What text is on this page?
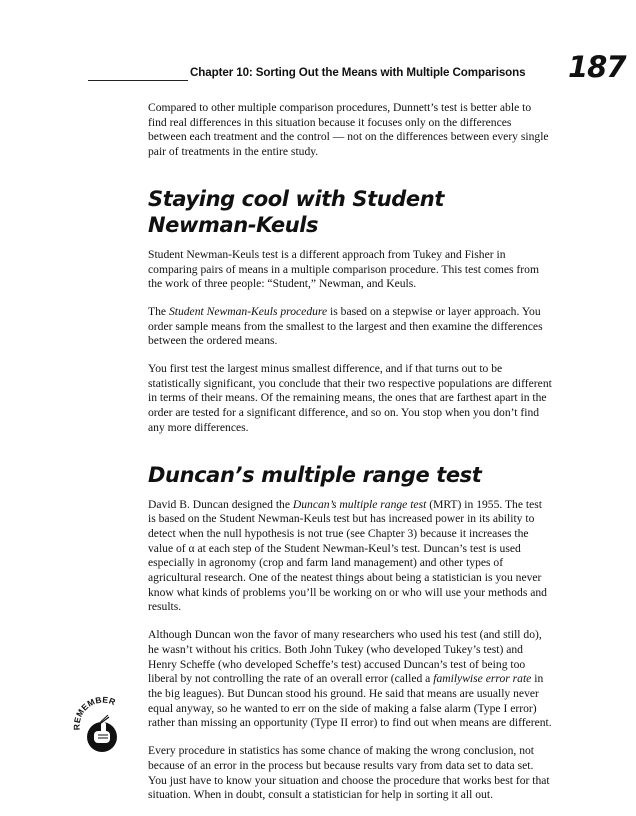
Chapter 10: Sorting Out the Means with Multiple Comparisons 187

Compared to other multiple comparison procedures, Dunnett’s test is better able to find real differences in this situation because it focuses only on the differences between each treatment and the control — not on the differences between every single pair of treatments in the entire study.

Staying cool with Student Newman-Keuls

Student Newman-Keuls test is a different approach from Tukey and Fisher in comparing pairs of means in a multiple comparison procedure. This test comes from the work of three people: “Student,” Newman, and Keuls.

The Student Newman-Keuls procedure is based on a stepwise or layer approach. You order sample means from the smallest to the largest and then examine the differences between the ordered means.

You first test the largest minus smallest difference, and if that turns out to be statistically significant, you conclude that their two respective populations are different in terms of their means. Of the remaining means, the ones that are farthest apart in the order are tested for a significant difference, and so on. You stop when you don’t find any more differences.

Duncan’s multiple range test

David B. Duncan designed the Duncan’s multiple range test (MRT) in 1955. The test is based on the Student Newman-Keuls test but has increased power in its ability to detect when the null hypothesis is not true (see Chapter 3) because it increases the value of α at each step of the Student Newman-Keul’s test. Duncan’s test is used especially in agronomy (crop and farm land management) and other types of agricultural research. One of the neatest things about being a statistician is you never know what kinds of problems you’ll be working on or who will use your methods and results.

Although Duncan won the favor of many researchers who used his test (and still do), he wasn’t without his critics. Both John Tukey (who developed Tukey’s test) and Henry Scheffe (who developed Scheffe’s test) accused Duncan’s test of being too liberal by not controlling the rate of an overall error (called a familywise error rate in the big leagues). But Duncan stood his ground. He said that means are usually never equal anyway, so he wanted to err on the side of making a false alarm (Type I error) rather than missing an opportunity (Type II error) to find out when means are different.

Every procedure in statistics has some chance of making the wrong conclusion, not because of an error in the process but because results vary from data set to data set. You just have to know your situation and choose the procedure that works best for that situation. When in doubt, consult a statistician for help in sorting it all out.

REMEMBER
